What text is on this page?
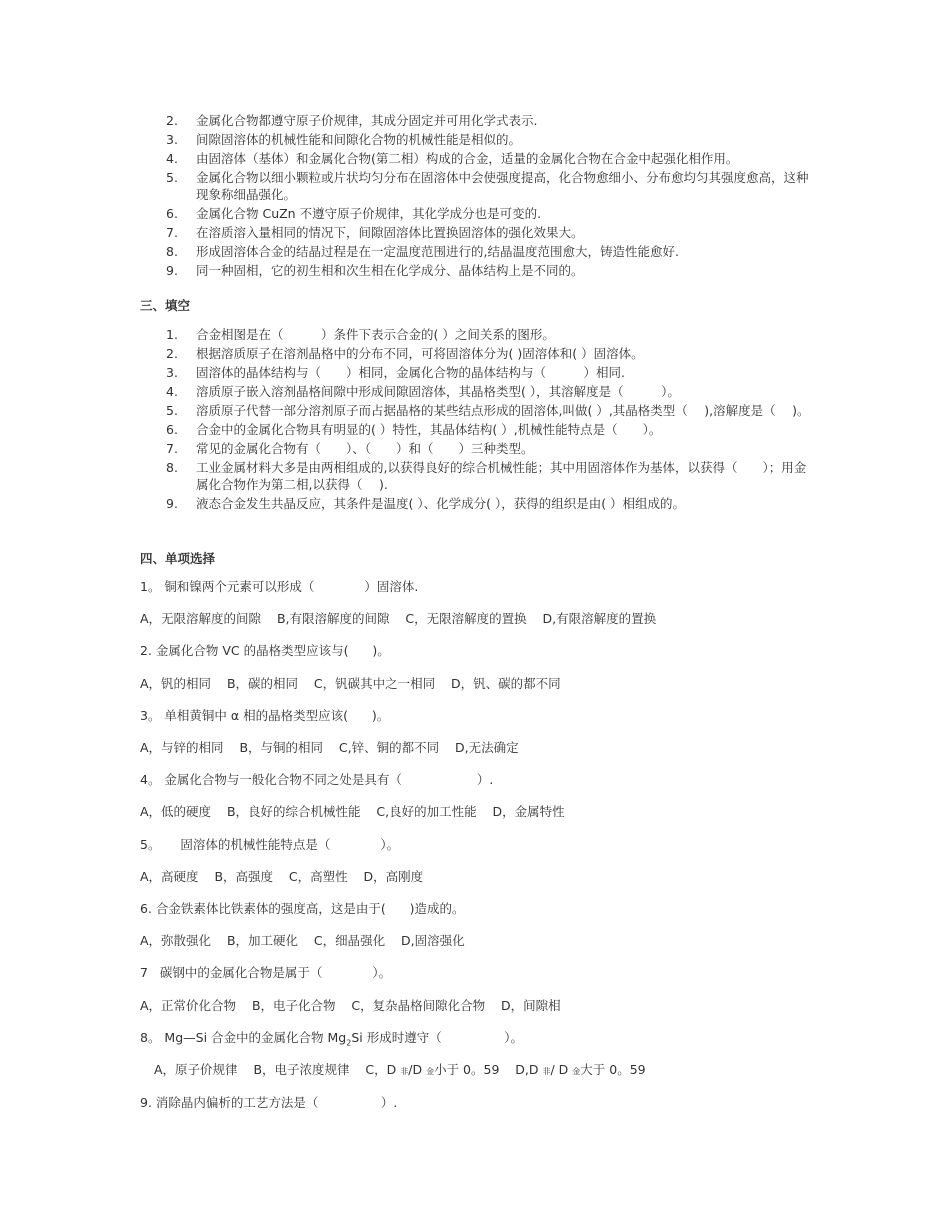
2.	金属化合物都遵守原子价规律，其成分固定并可用化学式表示.
3.	间隙固溶体的机械性能和间隙化合物的机械性能是相似的。
4.	由固溶体（基体）和金属化合物(第二相）构成的合金，适量的金属化合物在合金中起强化相作用。
5.	金属化合物以细小颗粒或片状均匀分布在固溶体中会使强度提高，化合物愈细小、分布愈均匀其强度愈高，这种现象称细晶强化。
6.	金属化合物 CuZn 不遵守原子价规律，其化学成分也是可变的.
7.	在溶质溶入量相同的情况下，间隙固溶体比置换固溶体的强化效果大。
8.	形成固溶体合金的结晶过程是在一定温度范围进行的,结晶温度范围愈大，铸造性能愈好.
9.	同一种固相，它的初生相和次生相在化学成分、晶体结构上是不同的。
三、填空
1.	合金相图是在（　　　）条件下表示合金的( ）之间关系的图形。
2.	根据溶质原子在溶剂晶格中的分布不同，可将固溶体分为( )固溶体和( ）固溶体。
3.	固溶体的晶体结构与（　　）相同，金属化合物的晶体结构与（　　　）相同.
4.	溶质原子嵌入溶剂晶格间隙中形成间隙固溶体，其晶格类型( ），其溶解度是（　　　）。
5.	溶质原子代替一部分溶剂原子而占据晶格的某些结点形成的固溶体,叫做( ）,其晶格类型（　 ),溶解度是（　 )。
6.	合金中的金属化合物具有明显的( ）特性，其晶体结构( ）,机械性能特点是（　　）。
7.	常见的金属化合物有（　　）、（　　）和（　　）三种类型。
8.	工业金属材料大多是由两相组成的,以获得良好的综合机械性能；其中用固溶体作为基体，以获得（　　）；用金属化合物作为第二相,以获得（　 ).
9.	液态合金发生共晶反应，其条件是温度( ）、化学成分( ），获得的组织是由( ）相组成的。
四、单项选择
1。 铜和镍两个元素可以形成（　　　　）固溶体.
A，无限溶解度的间隙    B,有限溶解度的间隙    C，无限溶解度的置换    D,有限溶解度的置换
2. 金属化合物 VC 的晶格类型应该与(      )。
A，钒的相同    B，碳的相同    C，钒碳其中之一相同    D，钒、碳的都不同
3。 单相黄铜中 α 相的晶格类型应该(      )。
A，与锌的相同    B，与铜的相同    C,锌、铜的都不同    D,无法确定
4。 金属化合物与一般化合物不同之处是具有（　　　　　　）.
A，低的硬度    B，良好的综合机械性能    C,良好的加工性能    D，金属特性
5。     固溶体的机械性能特点是（　　　　）。
A，高硬度    B，高强度    C，高塑性    D，高刚度
6. 合金铁素体比铁素体的强度高，这是由于(      )造成的。
A，弥散强化    B，加工硬化    C，细晶强化    D,固溶强化
7   碳钢中的金属化合物是属于（　　　　）。
A，正常价化合物    B，电子化合物    C，复杂晶格间隙化合物    D，间隙相
8。 Mg—Si 合金中的金属化合物 $Mg_2Si$ 形成时遵守（　　　　　）。
A，原子价规律    B，电子浓度规律    C，D 非/D 金小于 0。59    D,D 非/ D 金大于 0。59
9. 消除晶内偏析的工艺方法是（　　　　　）.
